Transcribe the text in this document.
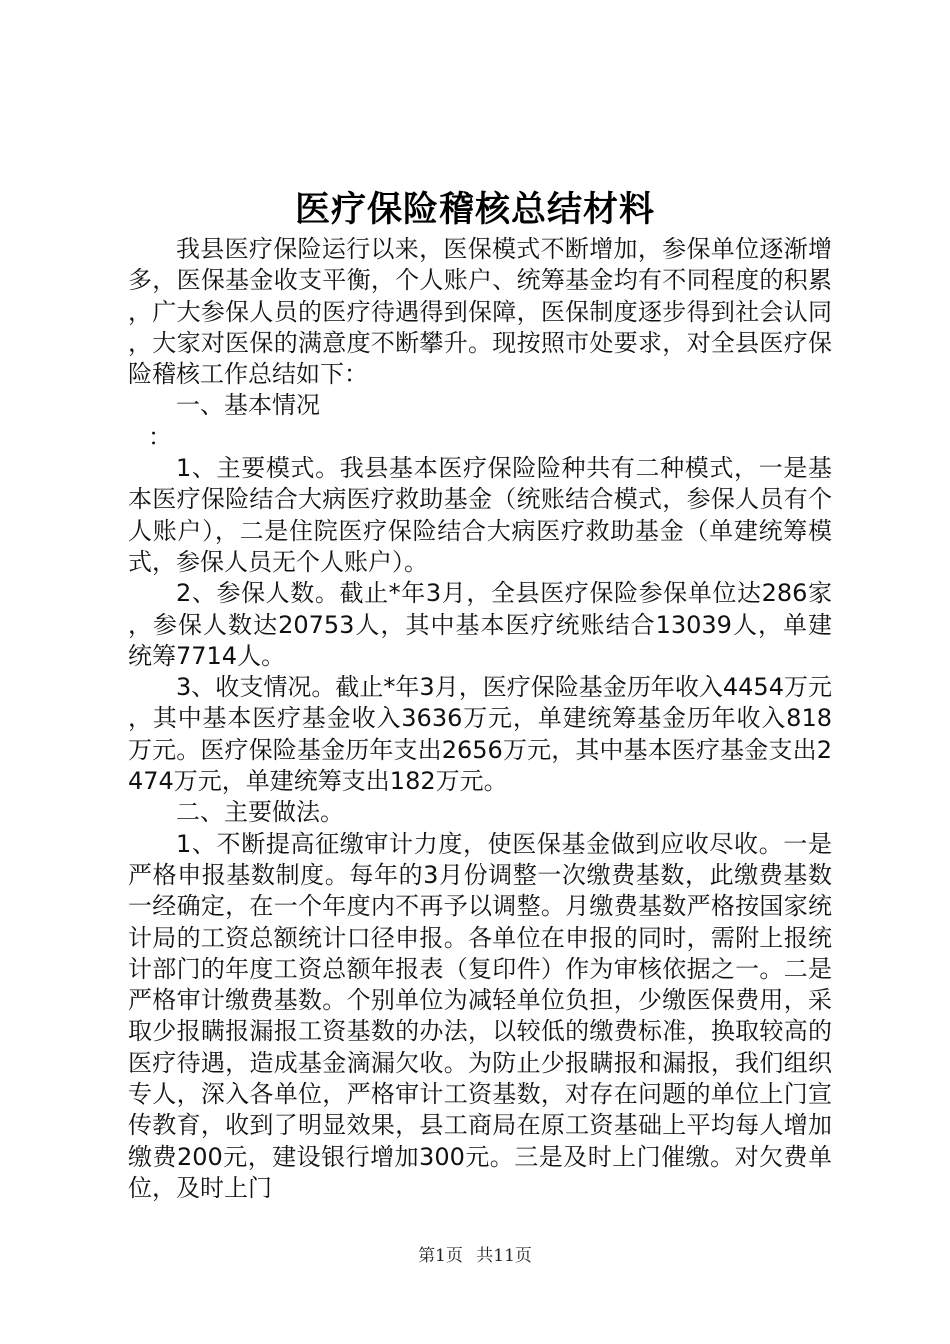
医疗保险稽核总结材料

我县医疗保险运行以来，医保模式不断增加，参保单位逐渐增多，医保基金收支平衡，个人账户、统筹基金均有不同程度的积累，广大参保人员的医疗待遇得到保障，医保制度逐步得到社会认同，大家对医保的满意度不断攀升。现按照市处要求，对全县医疗保险稽核工作总结如下：

一、基本情况

：

1、主要模式。我县基本医疗保险险种共有二种模式，一是基本医疗保险结合大病医疗救助基金（统账结合模式，参保人员有个人账户），二是住院医疗保险结合大病医疗救助基金（单建统筹模式，参保人员无个人账户）。

2、参保人数。截止*年3月，全县医疗保险参保单位达286家，参保人数达20753人，其中基本医疗统账结合13039人，单建统筹7714人。

3、收支情况。截止*年3月，医疗保险基金历年收入4454万元，其中基本医疗基金收入3636万元，单建统筹基金历年收入818万元。医疗保险基金历年支出2656万元，其中基本医疗基金支出2474万元，单建统筹支出182万元。

二、主要做法。

1、不断提高征缴审计力度，使医保基金做到应收尽收。一是严格申报基数制度。每年的3月份调整一次缴费基数，此缴费基数一经确定，在一个年度内不再予以调整。月缴费基数严格按国家统计局的工资总额统计口径申报。各单位在申报的同时，需附上报统计部门的年度工资总额年报表（复印件）作为审核依据之一。二是严格审计缴费基数。个别单位为减轻单位负担，少缴医保费用，采取少报瞒报漏报工资基数的办法，以较低的缴费标准，换取较高的医疗待遇，造成基金滴漏欠收。为防止少报瞒报和漏报，我们组织专人，深入各单位，严格审计工资基数，对存在问题的单位上门宣传教育，收到了明显效果，县工商局在原工资基础上平均每人增加缴费200元，建设银行增加300元。三是及时上门催缴。对欠费单位，及时上门

第1页 共11页
